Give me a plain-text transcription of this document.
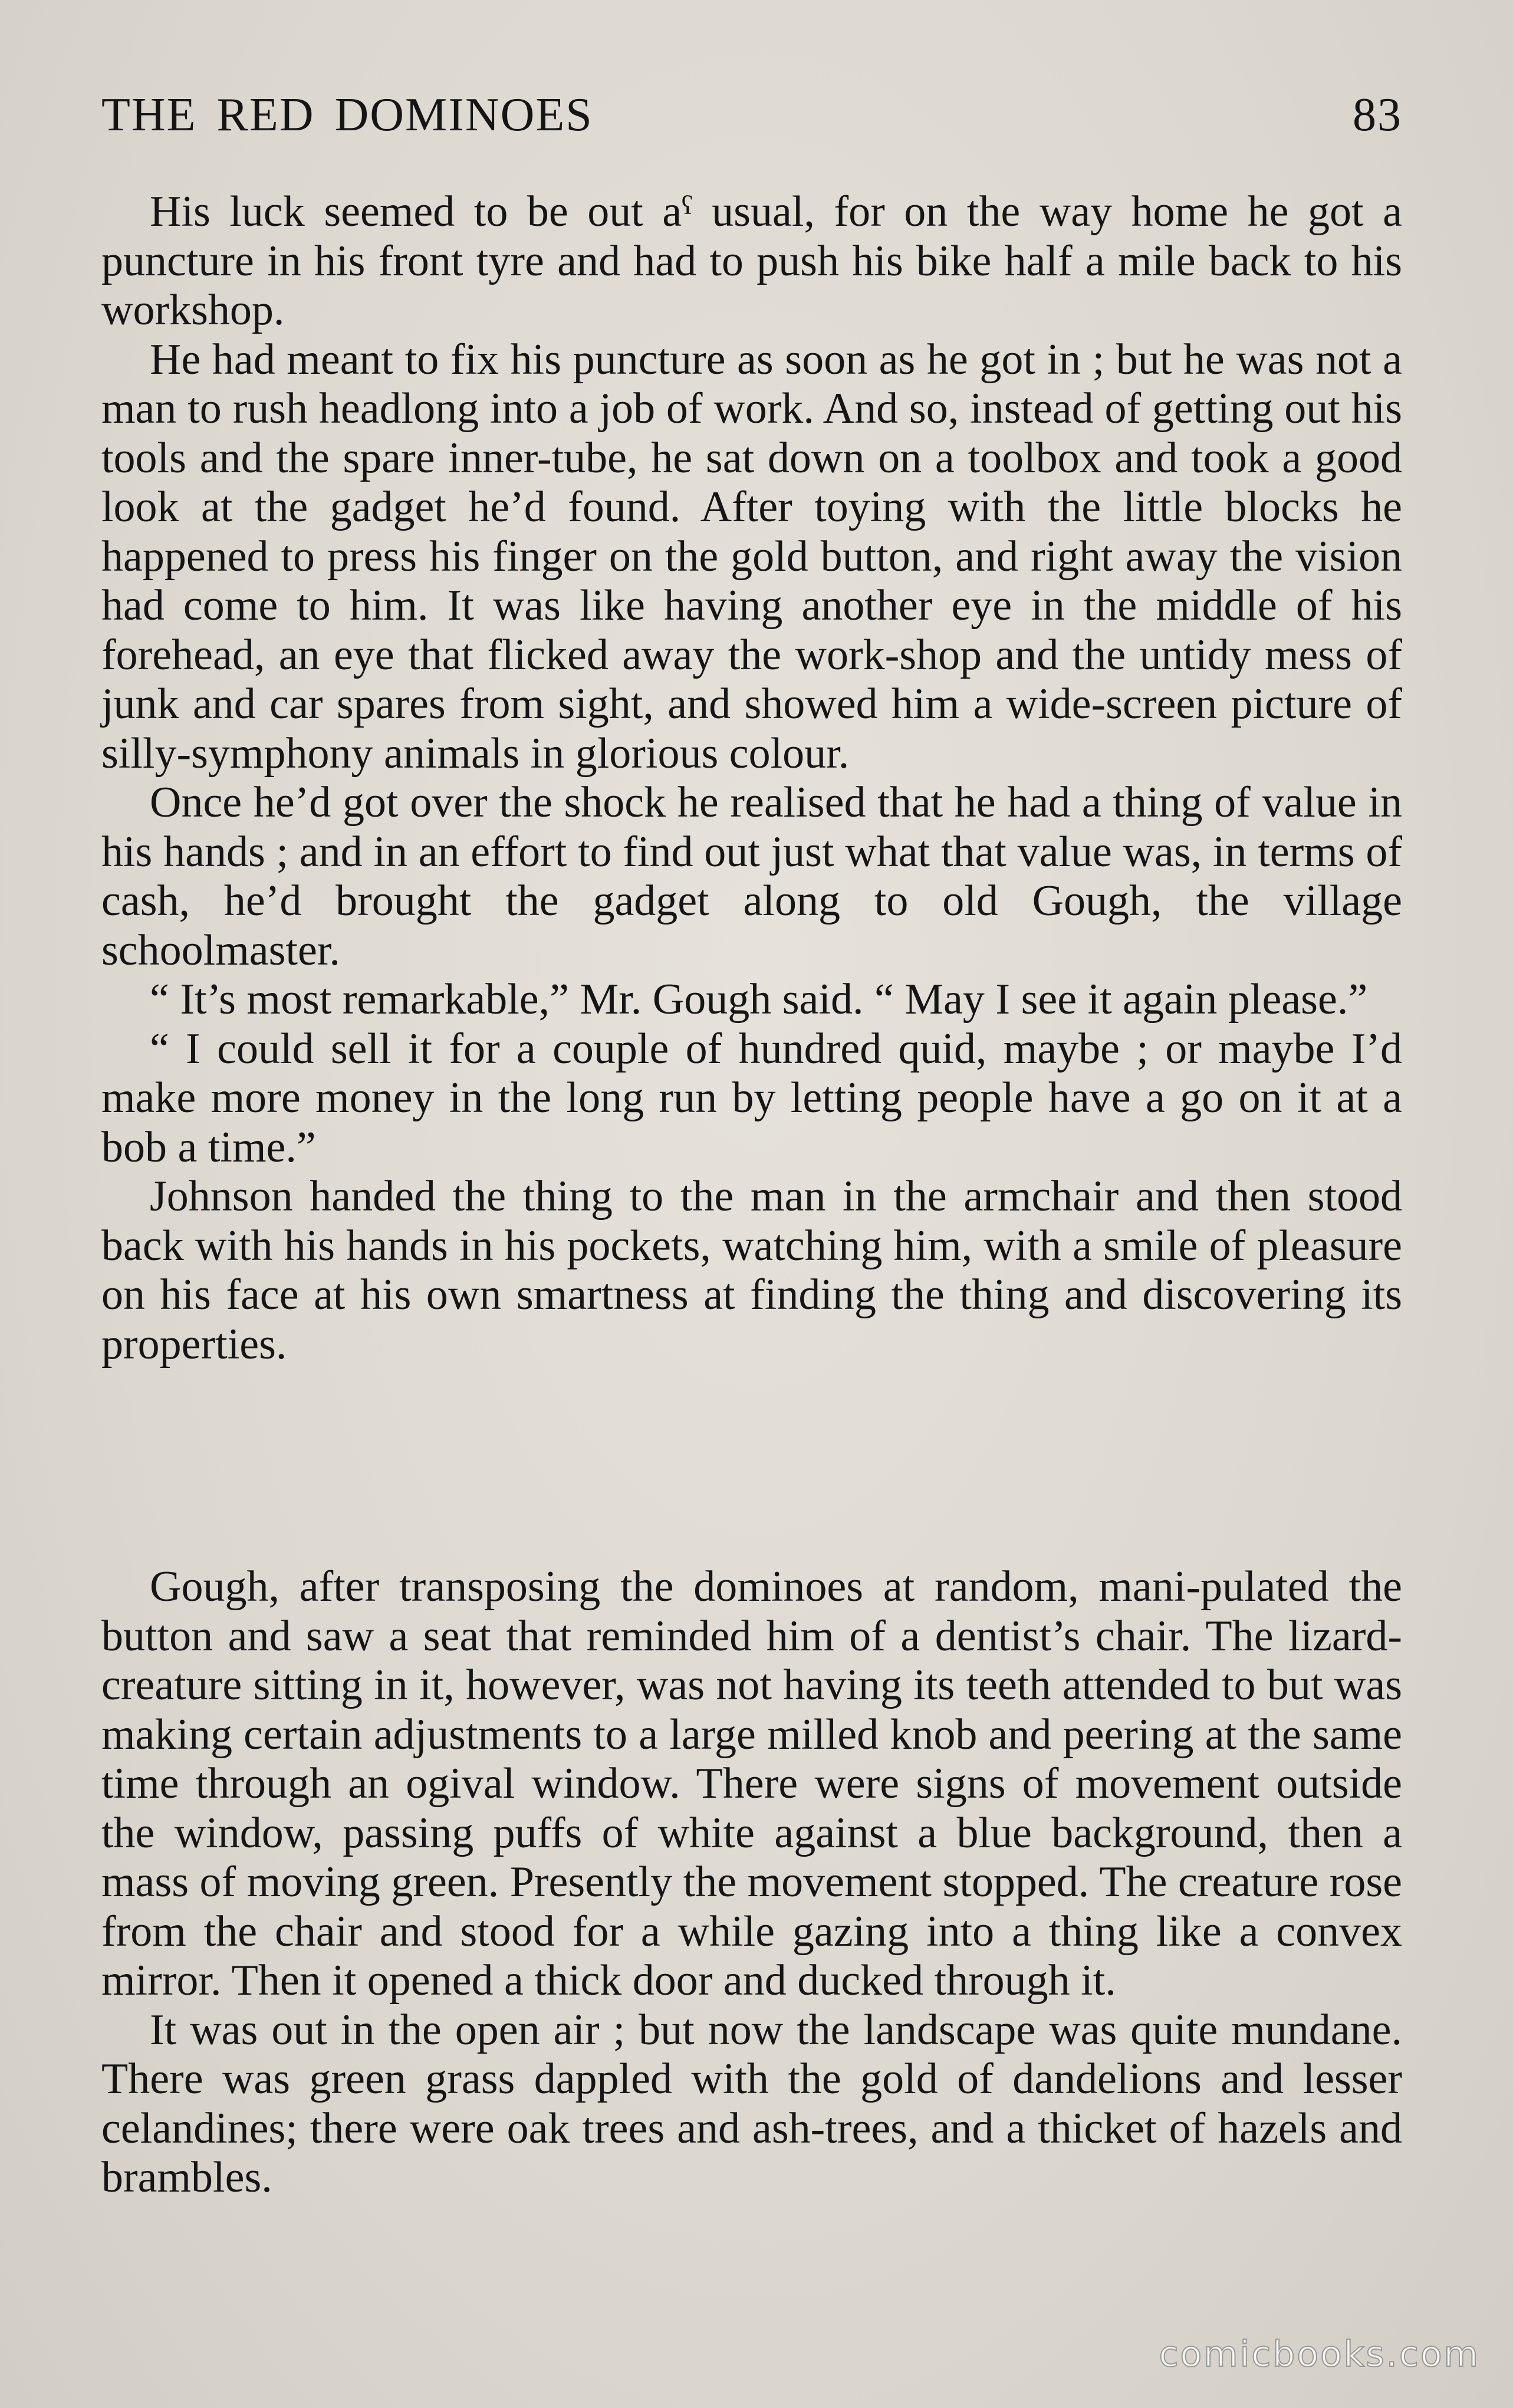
THE RED DOMINOES	83

His luck seemed to be out aˁ usual, for on the way home he got a puncture in his front tyre and had to push his bike half a mile back to his workshop.

He had meant to fix his puncture as soon as he got in ; but he was not a man to rush headlong into a job of work. And so, instead of getting out his tools and the spare inner-tube, he sat down on a toolbox and took a good look at the gadget he’d found. After toying with the little blocks he happened to press his finger on the gold button, and right away the vision had come to him. It was like having another eye in the middle of his forehead, an eye that flicked away the work-shop and the untidy mess of junk and car spares from sight, and showed him a wide-screen picture of silly-symphony animals in glorious colour.

Once he’d got over the shock he realised that he had a thing of value in his hands ; and in an effort to find out just what that value was, in terms of cash, he’d brought the gadget along to old Gough, the village schoolmaster.

“ It’s most remarkable,” Mr. Gough said. “ May I see it again please.”

“ I could sell it for a couple of hundred quid, maybe ; or maybe I’d make more money in the long run by letting people have a go on it at a bob a time.”

Johnson handed the thing to the man in the armchair and then stood back with his hands in his pockets, watching him, with a smile of pleasure on his face at his own smartness at finding the thing and discovering its properties.

Gough, after transposing the dominoes at random, mani-pulated the button and saw a seat that reminded him of a dentist’s chair. The lizard-creature sitting in it, however, was not having its teeth attended to but was making certain adjustments to a large milled knob and peering at the same time through an ogival window. There were signs of movement outside the window, passing puffs of white against a blue background, then a mass of moving green. Presently the movement stopped. The creature rose from the chair and stood for a while gazing into a thing like a convex mirror. Then it opened a thick door and ducked through it.

It was out in the open air ; but now the landscape was quite mundane. There was green grass dappled with the gold of dandelions and lesser celandines; there were oak trees and ash-trees, and a thicket of hazels and brambles.

comicbooks.com
